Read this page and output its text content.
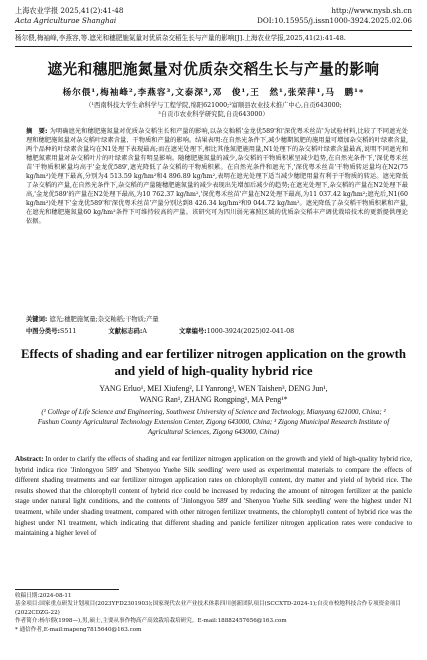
上海农业学报 2025,41(2):41-48
Acta Agriculturae Shanghai
http://www.nysb.sh.cn
DOI:10.15955/j.issn1000-3924.2025.02.06
杨尔偎,梅袖峰,李燕容,等.遮光和穗肥施氮量对优质杂交稻生长与产量的影响[J].上海农业学报,2025,41(2):41-48.
遮光和穗肥施氮量对优质杂交稻生长与产量的影响
杨尔偎¹,梅袖峰²,李燕容³,文泰深³,邓　俊¹,王　然¹,张荣萍¹,马　鹏¹*
（¹西南科技大学生命科学与工程学院,绵阳621000;²富顺县农业技术推广中心,自贡643000;
³自贡市农业科学研究院,自贡643000）
摘　要: 为明确遮光和穗肥施氮量对优质杂交稻生长和产量的影响,以杂交籼稻'金龙优589'和'深优粤禾丝苗'为试验材料,比较了不同遮光处理和穗肥施氮量对杂交稻叶绿素含量、干物质和产量的影响。结果表明:在自然光条件下,减少穗期氮肥的施用量可增加杂交稻的叶绿素含量,两个品种的叶绿素含量均在N1处理下表现最高;而在遮光处理下,相比其他氮肥施用量,N1处理下的杂交稻叶绿素含量最高,说明不同遮光和穗肥氮素用量对杂交稻叶片的叶绿素含量有明显影响。随穗肥施氮量的减少,杂交稻的干物质积累呈减少趋势,在自然光条件下,'深优粤禾丝苗'干物质积累量均高于'金龙优589',遮光降低了杂交稻的干物质积累。在自然光条件和遮光下,'深优粤禾丝苗'干物质转运量均在N2(75 kg/hm²)处理下最高,分别为4 513.59 kg/hm²和4 896.89 kg/hm²,表明在遮光处理下适当减少穗肥用量有利于干物质的转运。遮光降低了杂交稻的产量,在自然光条件下,杂交稻的产量随穗肥施氮量的减少表现出先增加后减少的趋势;在遮光处理下,杂交稻的产量在N2处理下最高,'金龙优589'的产量在N2处理下最高,为10 762.37 kg/hm²,'深优粤禾丝苗'产量在N2处理下最高,为11 037.42 kg/hm²;遮光后,N1(60 kg/hm²)处理下'金龙优589'和'深优粤禾丝苗'产量分别达到8 426.34 kg/hm²和9 044.72 kg/hm²。遮光降低了杂交稻干物质积累和产量,在遮光和穗肥施氮量60 kg/hm²条件下可维持较高的产量。该研究可为四川弱光寡照区域的优质杂交稻丰产调优栽培技术的更新提供理论依据。
关键词: 遮光;穗肥施氮量;杂交籼稻;干物质;产量
中图分类号:S511	文献标志码:A	文章编号:1000-3924(2025)02-041-08
Effects of shading and ear fertilizer nitrogen application on the growth and yield of high-quality hybrid rice
YANG Erluo¹, MEI Xiufeng², LI Yanrong³, WEN Taishen³, DENG Jun¹,
WANG Ran¹, ZHANG Rongping¹, MA Peng¹*
(¹ College of Life Science and Engineering, Southwest University of Science and Technology, Mianyang 621000, China; ² Fushun County Agricultural Technology Extension Center, Zigong 643000, China; ³ Zigong Municipal Research Institute of Agricultural Sciences, Zigong 643000, China)
Abstract: In order to clarify the effects of shading and ear fertilizer nitrogen application on the growth and yield of high-quality hybrid rice, hybrid indica rice 'Jinlongyou 589' and 'Shenyou Yuehe Silk seedling' were used as experimental materials to compare the effects of different shading treatments and ear fertilizer nitrogen application rates on chlorophyll content, dry matter and yield of hybrid rice. The results showed that the chlorophyll content of hybrid rice could be increased by reducing the amount of nitrogen fertilizer at the panicle stage under natural light conditions, and the contents of 'Jinlongyou 589' and 'Shenyou Yuehe Silk seedling' were the highest under N1 treatment, while under shading treatment, compared with other nitrogen fertilizer treatments, the chlorophyll content of hybrid rice was the highest under N1 treatment, which indicating that different shading and panicle fertilizer nitrogen application rates were conducive to maintaining a higher level of
收稿日期:2024-08-11
基金项目:国家重点研发计划项目(2023YFD2301903);国家现代农业产业技术体系四川创新团队项目(SCCXTD-2024-1);自贡市校地科技合作专项资金项目(2022CDZG-22)
作者简介:杨尔偎(1998—),男,硕士,主要从事作物高产高效栽培栽培研究。E-mail:18882457656@163.com
* 通信作者,E-mail:mapeng7815640@163.com
